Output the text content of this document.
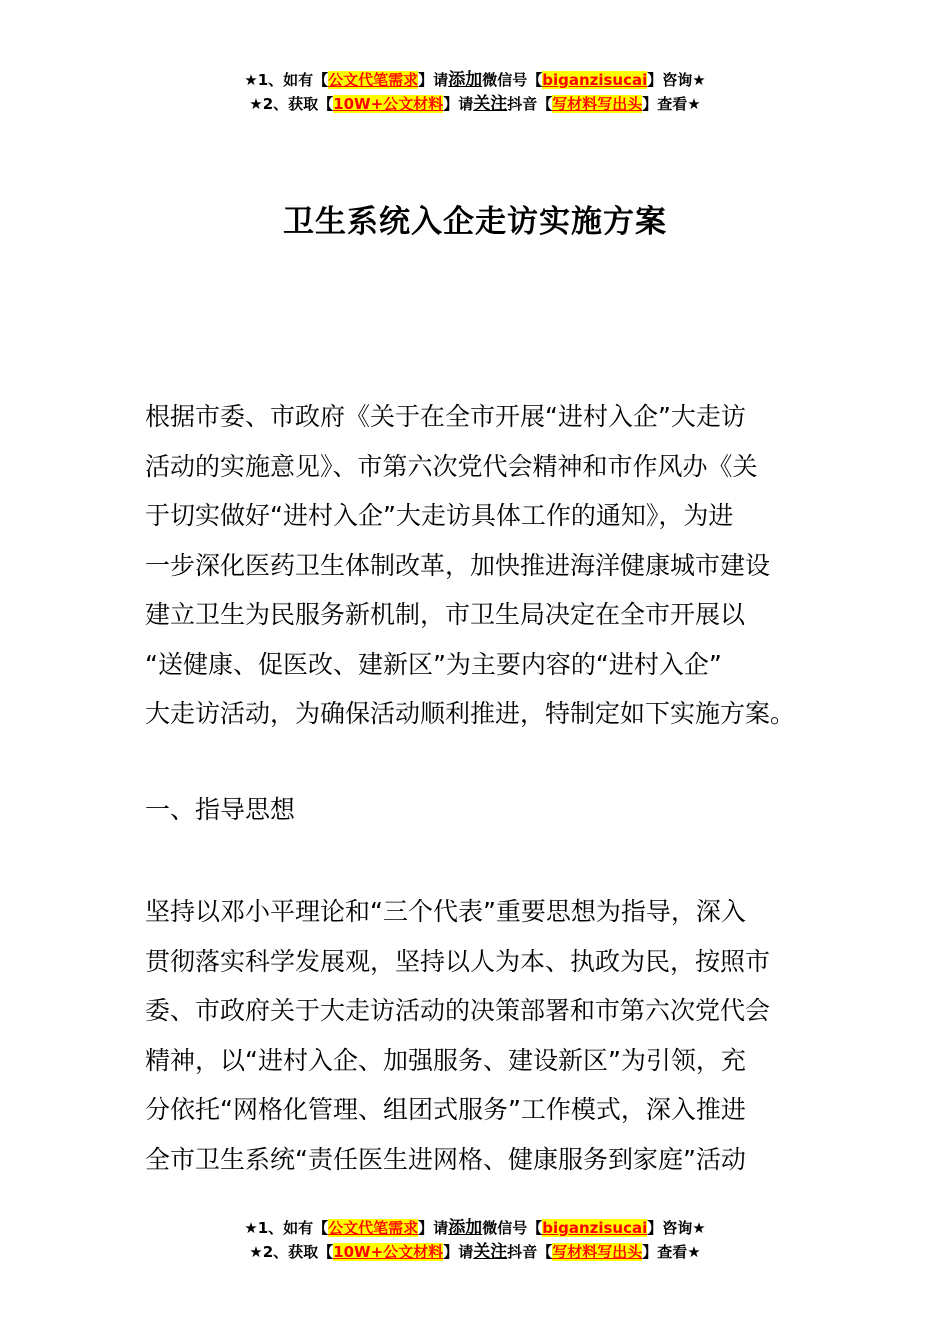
★1、如有【公文代笔需求】请添加微信号【biganzisucai】咨询★
★2、获取【10W+公文材料】请关注抖音【写材料写出头】查看★
卫生系统入企走访实施方案

根据市委、市政府《关于在全市开展“进村入企”大走访

活动的实施意见》、市第六次党代会精神和市作风办《关

于切实做好“进村入企”大走访具体工作的通知》，为进

一步深化医药卫生体制改革，加快推进海洋健康城市建设

建立卫生为民服务新机制，市卫生局决定在全市开展以

“送健康、促医改、建新区”为主要内容的“进村入企”

大走访活动，为确保活动顺利推进，特制定如下实施方案。

一、指导思想

坚持以邓小平理论和“三个代表”重要思想为指导，深入

贯彻落实科学发展观，坚持以人为本、执政为民，按照市

委、市政府关于大走访活动的决策部署和市第六次党代会

精神，以“进村入企、加强服务、建设新区”为引领，充

分依托“网格化管理、组团式服务”工作模式，深入推进

全市卫生系统“责任医生进网格、健康服务到家庭”活动

★1、如有【公文代笔需求】请添加微信号【biganzisucai】咨询★
★2、获取【10W+公文材料】请关注抖音【写材料写出头】查看★
